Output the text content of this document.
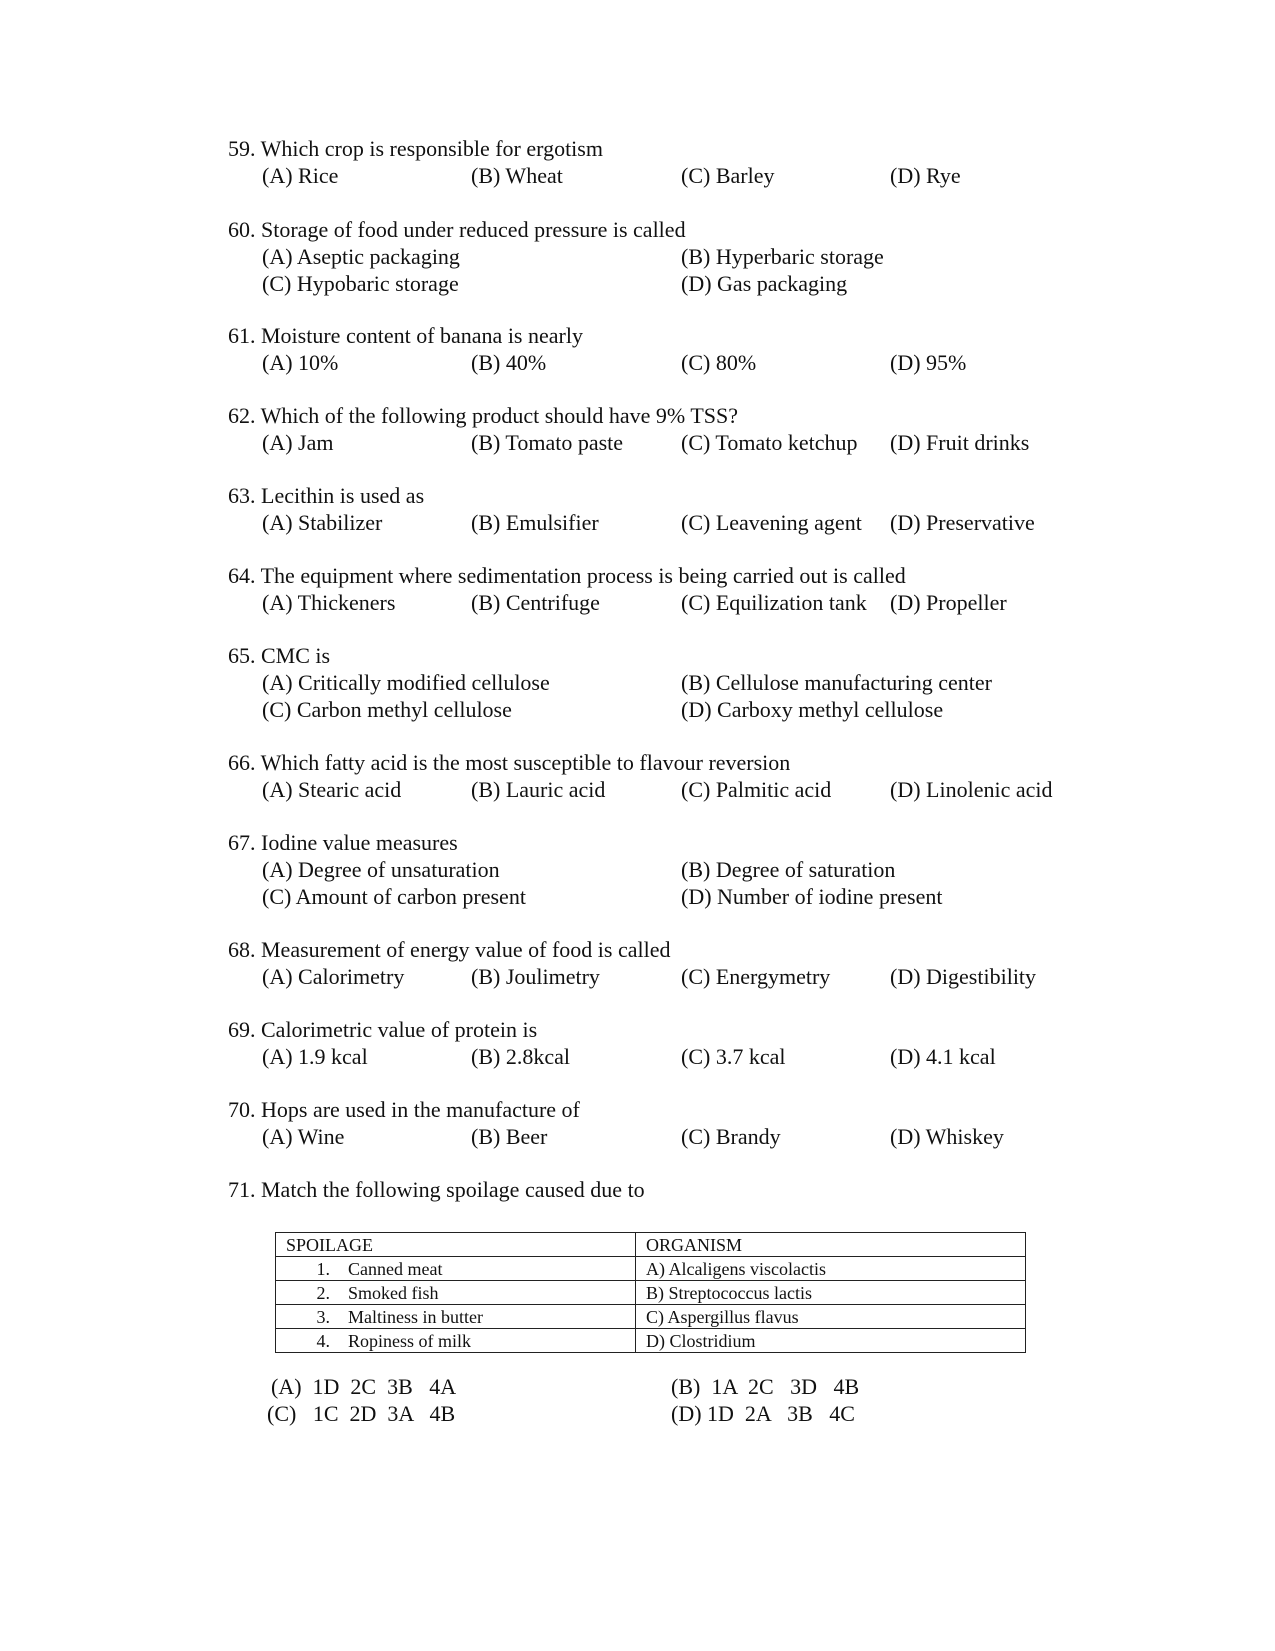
59. Which crop is responsible for ergotism
(A) Rice	(B) Wheat	(C) Barley	(D) Rye
60. Storage of food under reduced pressure is called
(A) Aseptic packaging	(B) Hyperbaric storage
(C) Hypobaric storage	(D) Gas packaging
61. Moisture content of banana is nearly
(A) 10%	(B) 40%	(C) 80%	(D) 95%
62. Which of the following product should have 9% TSS?
(A) Jam	(B) Tomato paste	(C) Tomato ketchup (D) Fruit drinks
63. Lecithin is used as
(A) Stabilizer	(B) Emulsifier	(C) Leavening agent (D) Preservative
64. The equipment where sedimentation process is being carried out is called
(A) Thickeners	(B) Centrifuge	(C) Equilization tank (D) Propeller
65. CMC is
(A) Critically modified cellulose	(B) Cellulose manufacturing center
(C) Carbon methyl cellulose	(D) Carboxy methyl cellulose
66. Which fatty acid is the most susceptible to flavour reversion
(A) Stearic acid	(B) Lauric acid	(C) Palmitic acid	(D) Linolenic acid
67. Iodine value measures
(A) Degree of unsaturation	(B) Degree of saturation
(C) Amount of carbon present	(D) Number of iodine present
68. Measurement of energy value of food is called
(A) Calorimetry	(B) Joulimetry	(C) Energymetry	(D) Digestibility
69. Calorimetric value of protein is
(A) 1.9 kcal	(B) 2.8kcal	(C) 3.7 kcal	(D) 4.1 kcal
70. Hops are used in the manufacture of
(A) Wine	(B) Beer	(C) Brandy	(D) Whiskey
71. Match the following spoilage caused due to
SPOILAGE	ORGANISM
1. Canned meat	A) Alcaligens viscolactis
2. Smoked fish	B) Streptococcus lactis
3. Maltiness in butter	C) Aspergillus flavus
4. Ropiness of milk	D) Clostridium
(A)  1D  2C  3B   4A	(B)  1A  2C   3D   4B
(C)   1C  2D  3A   4B	(D) 1D  2A   3B   4C
